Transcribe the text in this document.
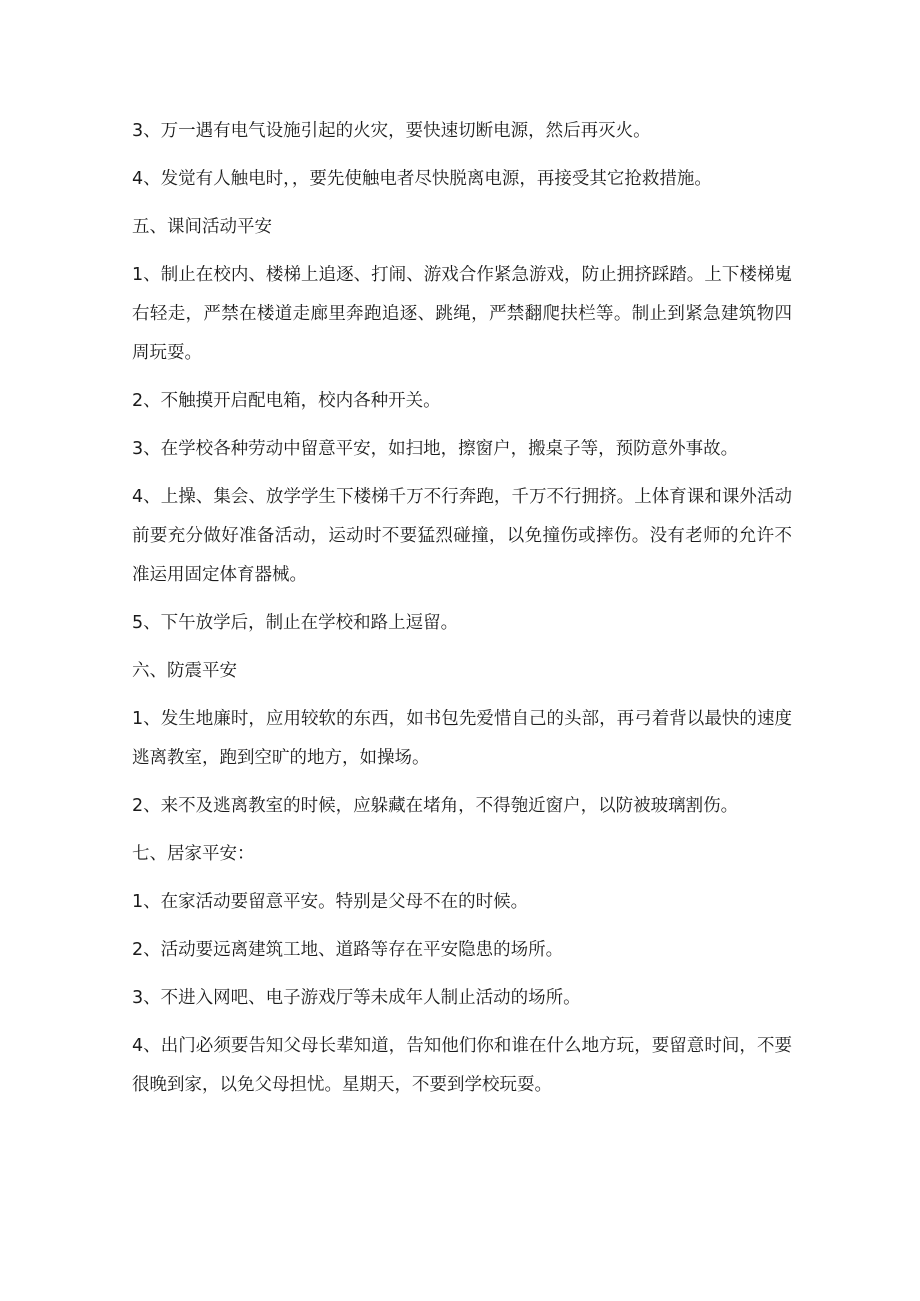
3、万一遇有电气设施引起的火灾，要快速切断电源，然后再灭火。

4、发觉有人触电时，，要先使触电者尽快脱离电源，再接受其它抢救措施。

五、课间活动平安

1、制止在校内、楼梯上追逐、打闹、游戏合作紧急游戏，防止拥挤踩踏。上下楼梯嵬右轻走，严禁在楼道走廊里奔跑追逐、跳绳，严禁翻爬扶栏等。制止到紧急建筑物四周玩耍。

2、不触摸开启配电箱，校内各种开关。

3、在学校各种劳动中留意平安，如扫地，擦窗户，搬桌子等，预防意外事故。

4、上操、集会、放学学生下楼梯千万不行奔跑，千万不行拥挤。上体育课和课外活动前要充分做好准备活动，运动时不要猛烈碰撞，以免撞伤或摔伤。没有老师的允许不准运用固定体育器械。

5、下午放学后，制止在学校和路上逗留。

六、防震平安

1、发生地廉时，应用较软的东西，如书包先爱惜自己的头部，再弓着背以最快的速度逃离教室，跑到空旷的地方，如操场。

2、来不及逃离教室的时候，应躲藏在堵角，不得匏近窗户，以防被玻璃割伤。

七、居家平安：

1、在家活动要留意平安。特别是父母不在的时候。

2、活动要远离建筑工地、道路等存在平安隐患的场所。

3、不进入网吧、电子游戏厅等未成年人制止活动的场所。

4、出门必须要告知父母长辈知道，告知他们你和谁在什么地方玩，要留意时间，不要很晚到家，以免父母担忧。星期天，不要到学校玩耍。
